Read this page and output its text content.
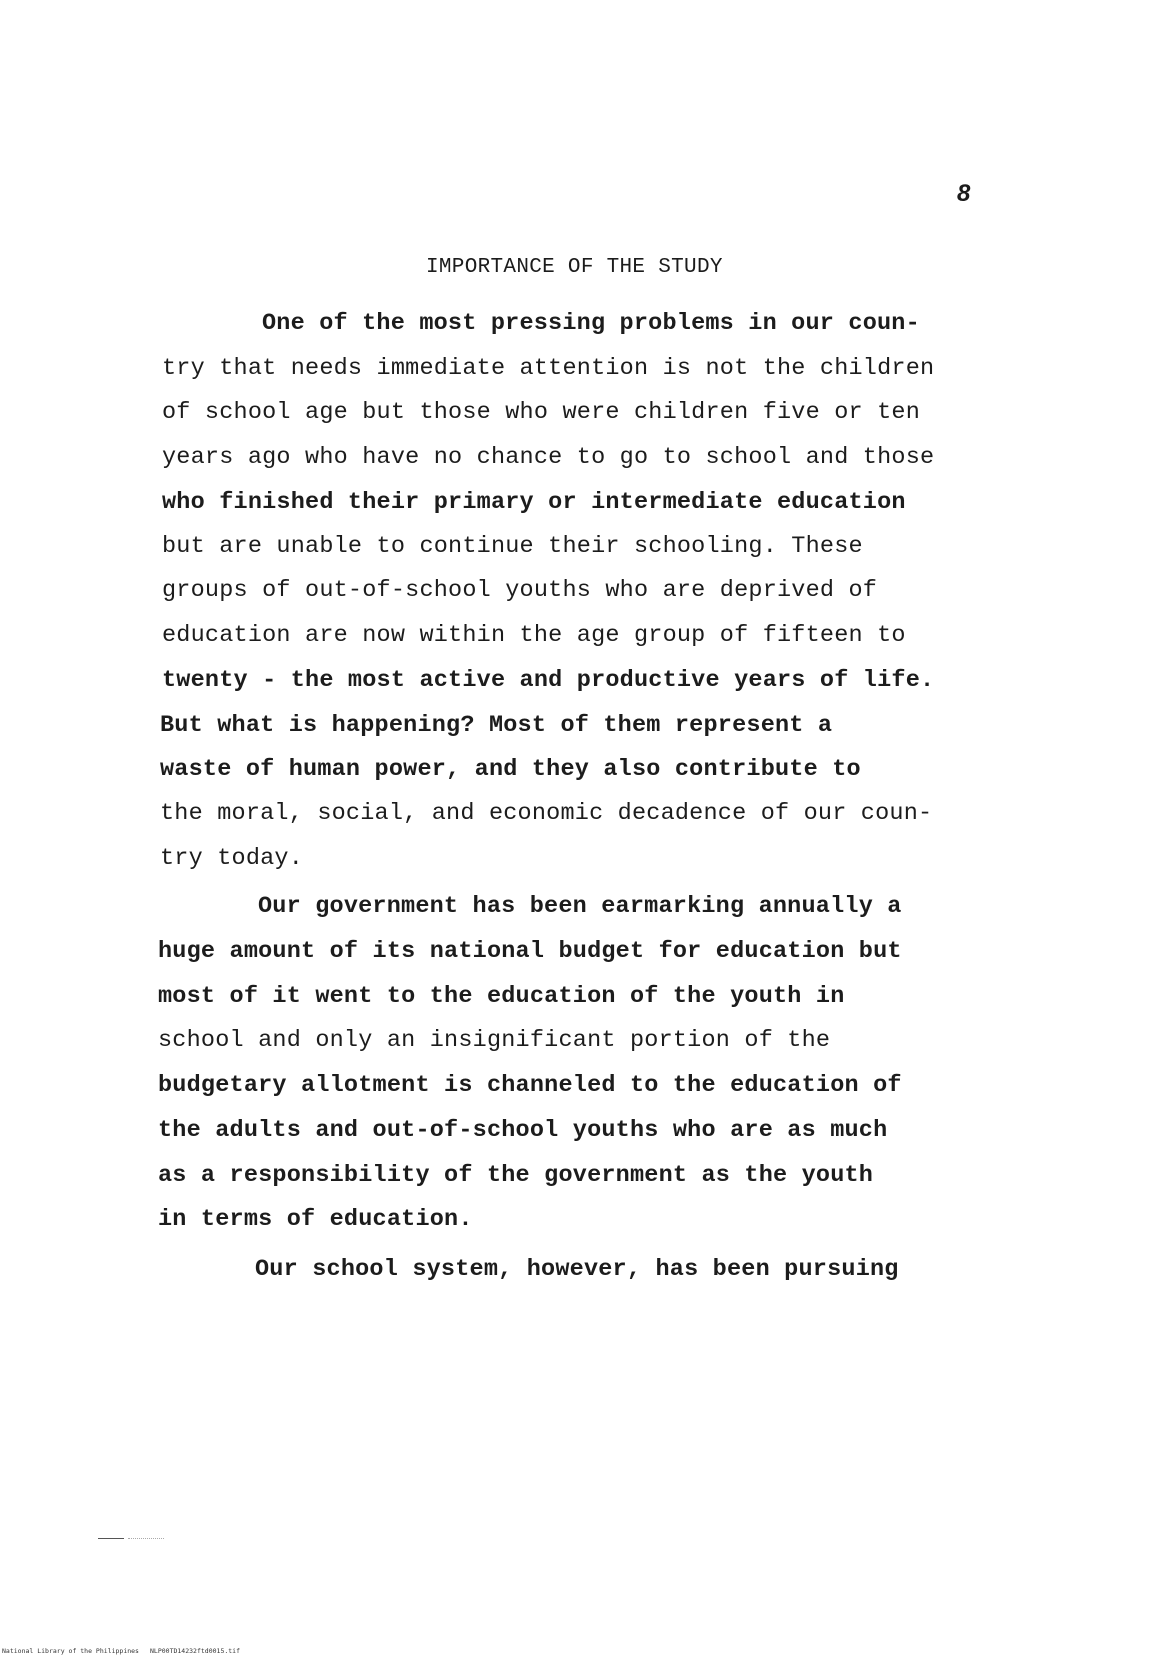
8
IMPORTANCE OF THE STUDY
One of the most pressing problems in our coun-
try that needs immediate attention is not the children
of school age but those who were children five or ten
years ago who have no chance to go to school and those
who finished their primary or intermediate education
but are unable to continue their schooling. These
groups of out-of-school youths who are deprived of
education are now within the age group of fifteen to
twenty - the most active and productive years of life.
But what is happening? Most of them represent a
waste of human power, and they also contribute to
the moral, social, and economic decadence of our coun-
try today.
Our government has been earmarking annually a
huge amount of its national budget for education but
most of it went to the education of the youth in
school and only an insignificant portion of the
budgetary allotment is channeled to the education of
the adults and out-of-school youths who are as much
as a responsibility of the government as the youth
in terms of education.
Our school system, however, has been pursuing
National Library of the Philippines NLP00TD14232ftd0015.tif
